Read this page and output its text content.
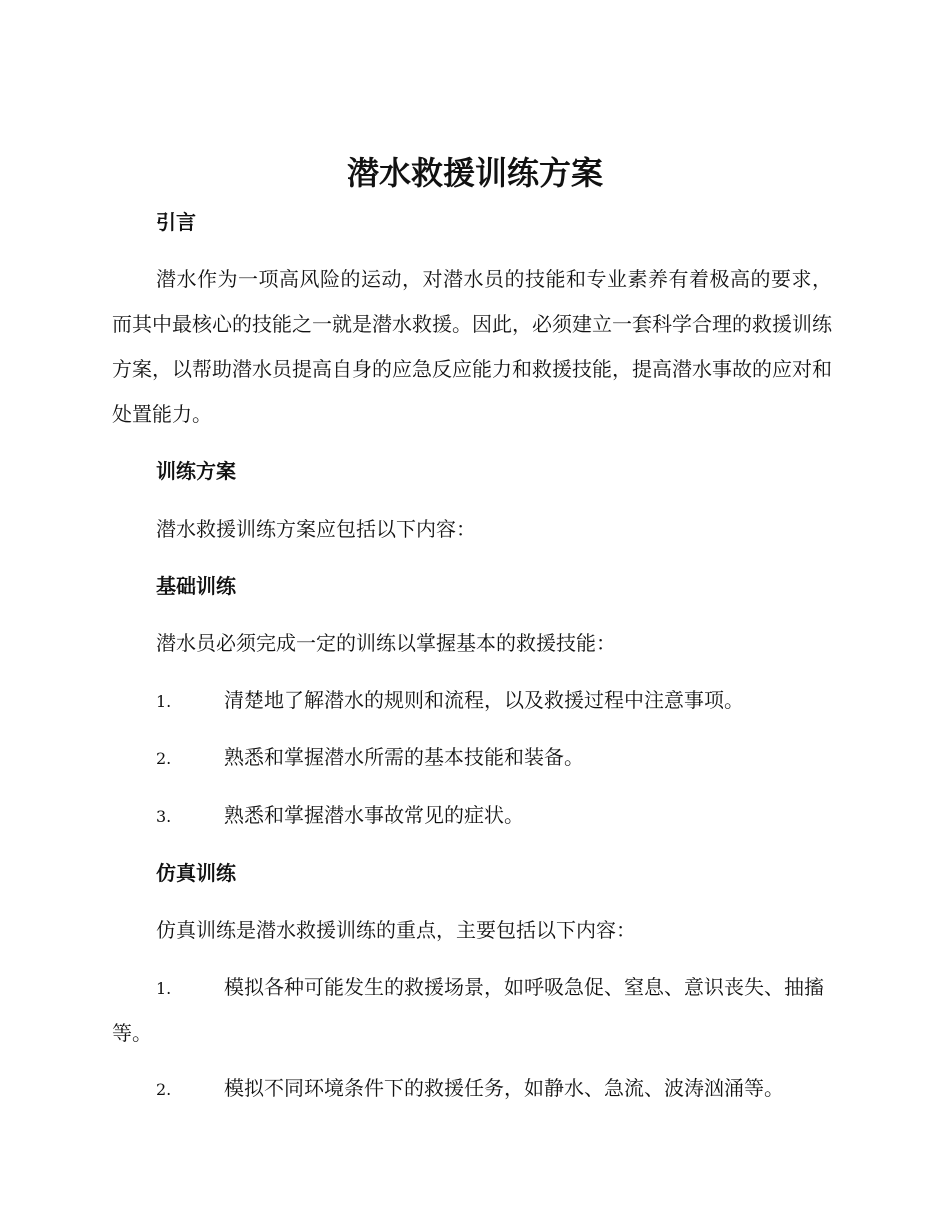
潜水救援训练方案
引言

潜水作为一项高风险的运动，对潜水员的技能和专业素养有着极高的要求，而其中最核心的技能之一就是潜水救援。因此，必须建立一套科学合理的救援训练方案，以帮助潜水员提高自身的应急反应能力和救援技能，提高潜水事故的应对和处置能力。

训练方案

潜水救援训练方案应包括以下内容：

基础训练

潜水员必须完成一定的训练以掌握基本的救援技能：

1.	清楚地了解潜水的规则和流程，以及救援过程中注意事项。

2.	熟悉和掌握潜水所需的基本技能和装备。

3.	熟悉和掌握潜水事故常见的症状。

仿真训练

仿真训练是潜水救援训练的重点，主要包括以下内容：

1.	模拟各种可能发生的救援场景，如呼吸急促、窒息、意识丧失、抽搐等。

2.	模拟不同环境条件下的救援任务，如静水、急流、波涛汹涌等。
